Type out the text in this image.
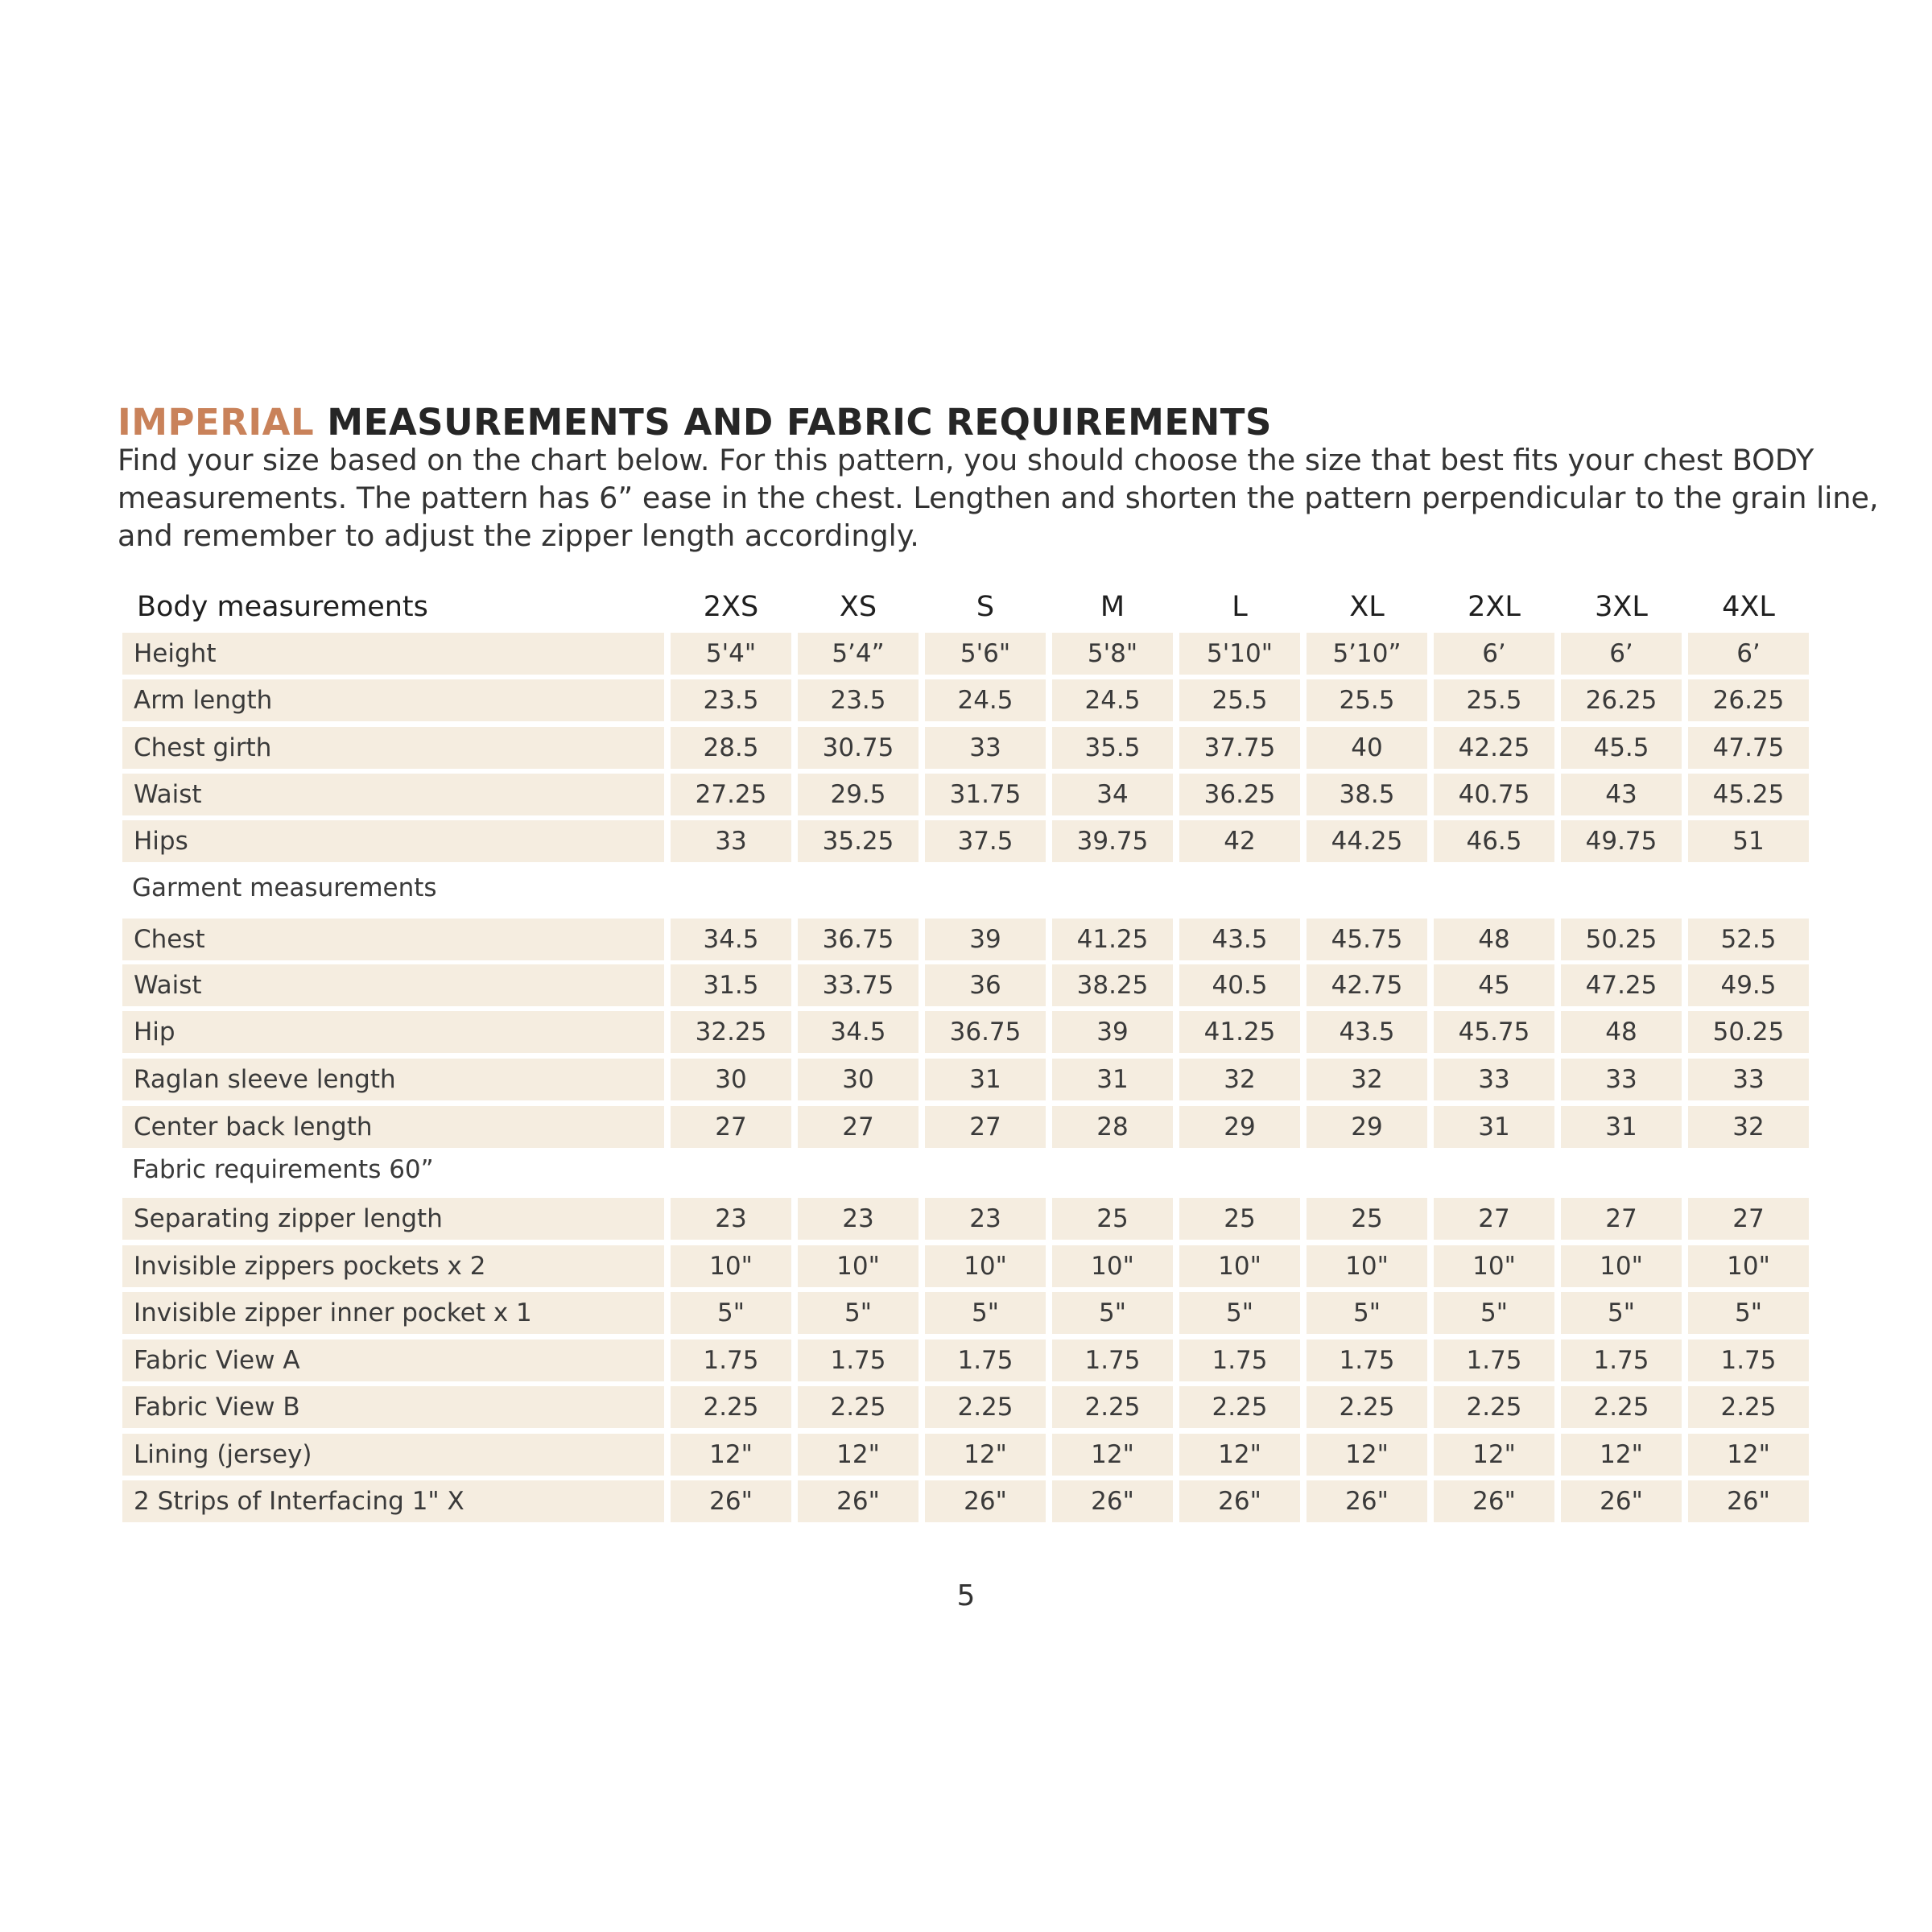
IMPERIAL MEASUREMENTS AND FABRIC REQUIREMENTS

Find your size based on the chart below. For this pattern, you should choose the size that best fits your chest BODY

measurements. The pattern has 6” ease in the chest. Lengthen and shorten the pattern perpendicular to the grain line,

and remember to adjust the zipper length accordingly.

Body measurements	2XS	XS	S	M	L	XL	2XL	3XL	4XL
Height	5'4"	5’4”	5'6"	5'8"	5'10"	5’10”	6’	6’	6’
Arm length	23.5	23.5	24.5	24.5	25.5	25.5	25.5	26.25	26.25
Chest girth	28.5	30.75	33	35.5	37.75	40	42.25	45.5	47.75
Waist	27.25	29.5	31.75	34	36.25	38.5	40.75	43	45.25
Hips	33	35.25	37.5	39.75	42	44.25	46.5	49.75	51
Garment measurements
Chest	34.5	36.75	39	41.25	43.5	45.75	48	50.25	52.5
Waist	31.5	33.75	36	38.25	40.5	42.75	45	47.25	49.5
Hip	32.25	34.5	36.75	39	41.25	43.5	45.75	48	50.25
Raglan sleeve length	30	30	31	31	32	32	33	33	33
Center back length	27	27	27	28	29	29	31	31	32
Fabric requirements 60”
Separating zipper length	23	23	23	25	25	25	27	27	27
Invisible zippers pockets x 2	10"	10"	10"	10"	10"	10"	10"	10"	10"
Invisible zipper inner pocket x 1	5"	5"	5"	5"	5"	5"	5"	5"	5"
Fabric View A	1.75	1.75	1.75	1.75	1.75	1.75	1.75	1.75	1.75
Fabric View B	2.25	2.25	2.25	2.25	2.25	2.25	2.25	2.25	2.25
Lining (jersey)	12"	12"	12"	12"	12"	12"	12"	12"	12"
2 Strips of Interfacing 1" X	26"	26"	26"	26"	26"	26"	26"	26"	26"
5
